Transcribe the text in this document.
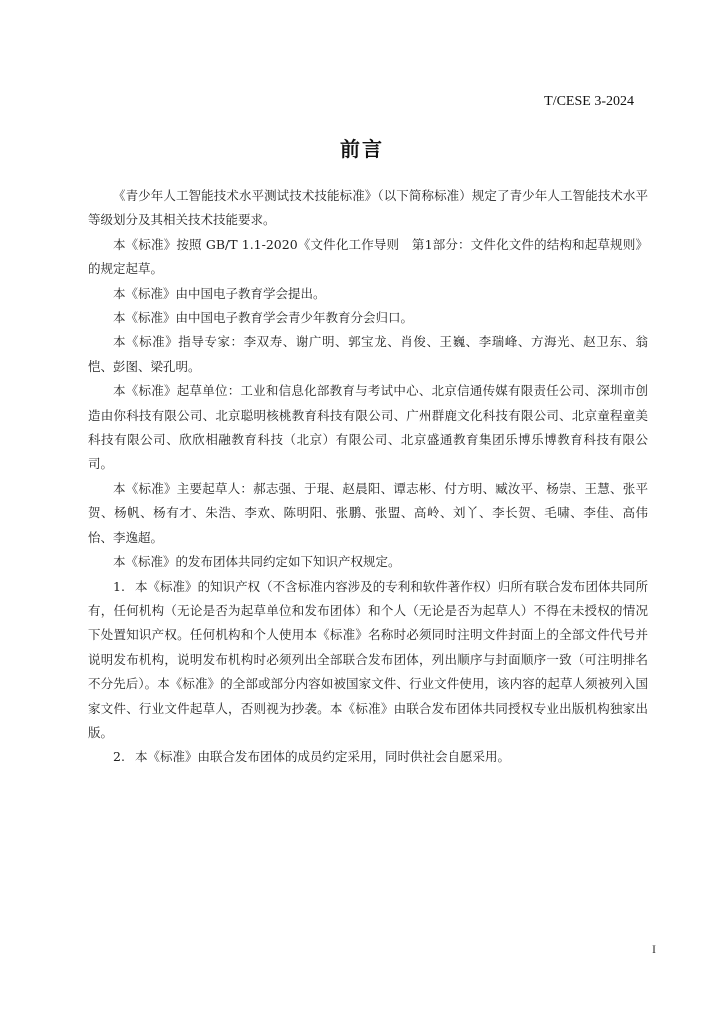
T/CESE 3-2024
前言

《青少年人工智能技术水平测试技术技能标准》（以下简称标准）规定了青少年人工智能技术水平等级划分及其相关技术技能要求。

本《标准》按照 GB/T 1.1-2020《文件化工作导则　第1部分：文件化文件的结构和起草规则》的规定起草。

本《标准》由中国电子教育学会提出。

本《标准》由中国电子教育学会青少年教育分会归口。

本《标准》指导专家：李双寿、谢广明、郭宝龙、肖俊、王巍、李瑞峰、方海光、赵卫东、翁恺、彭图、梁孔明。

本《标准》起草单位：工业和信息化部教育与考试中心、北京信通传媒有限责任公司、深圳市创造由你科技有限公司、北京聪明核桃教育科技有限公司、广州群鹿文化科技有限公司、北京童程童美科技有限公司、欣欣相融教育科技（北京）有限公司、北京盛通教育集团乐博乐博教育科技有限公司。

本《标准》主要起草人：郝志强、于琨、赵晨阳、谭志彬、付方明、臧汝平、杨崇、王慧、张平贺、杨帆、杨有才、朱浩、李欢、陈明阳、张鹏、张盟、高岭、刘丫、李长贺、毛啸、李佳、高伟怡、李逸超。

本《标准》的发布团体共同约定如下知识产权规定。

1. 本《标准》的知识产权（不含标准内容涉及的专利和软件著作权）归所有联合发布团体共同所有，任何机构（无论是否为起草单位和发布团体）和个人（无论是否为起草人）不得在未授权的情况下处置知识产权。任何机构和个人使用本《标准》名称时必须同时注明文件封面上的全部文件代号并说明发布机构，说明发布机构时必须列出全部联合发布团体，列出顺序与封面顺序一致（可注明排名不分先后）。本《标准》的全部或部分内容如被国家文件、行业文件使用，该内容的起草人须被列入国家文件、行业文件起草人，否则视为抄袭。本《标准》由联合发布团体共同授权专业出版机构独家出版。

2. 本《标准》由联合发布团体的成员约定采用，同时供社会自愿采用。

I
